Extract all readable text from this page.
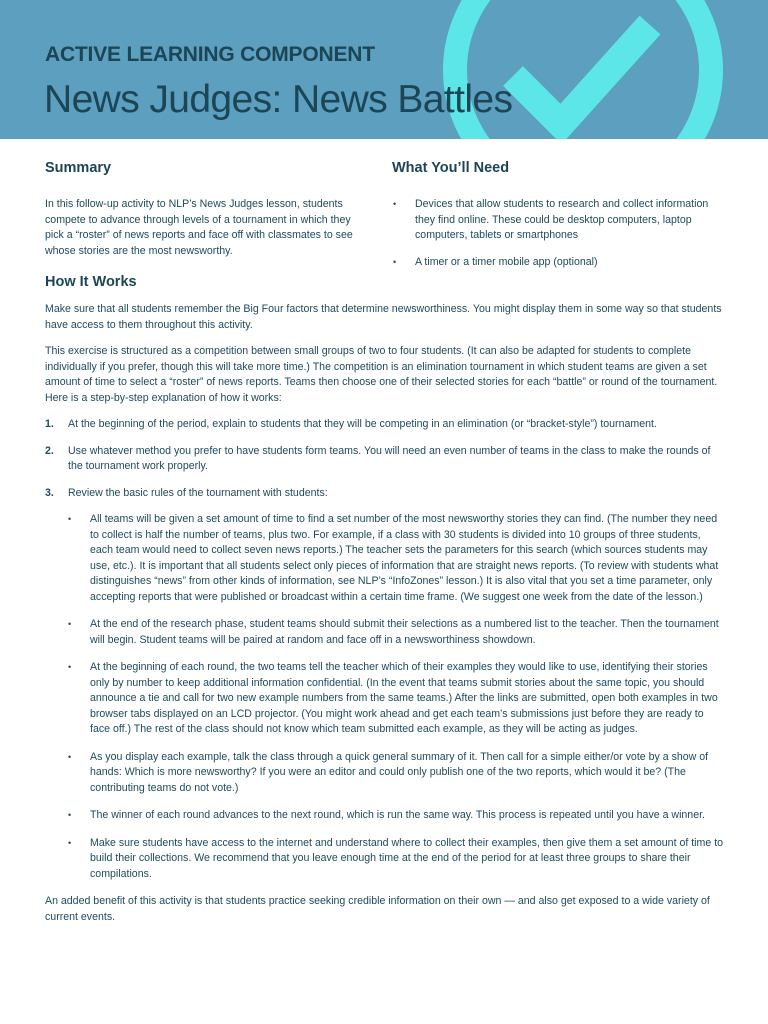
ACTIVE LEARNING COMPONENT
News Judges: News Battles
Summary

In this follow-up activity to NLP’s News Judges lesson, students compete to advance through levels of a tournament in which they pick a “roster” of news reports and face off with classmates to see whose stories are the most newsworthy.

What You’ll Need
• Devices that allow students to research and collect information they find online. These could be desktop computers, laptop computers, tablets or smartphones
• A timer or a timer mobile app (optional)
How It Works

Make sure that all students remember the Big Four factors that determine newsworthiness. You might display them in some way so that students have access to them throughout this activity.

This exercise is structured as a competition between small groups of two to four students. (It can also be adapted for students to complete individually if you prefer, though this will take more time.) The competition is an elimination tournament in which student teams are given a set amount of time to select a “roster” of news reports. Teams then choose one of their selected stories for each “battle” or round of the tournament. Here is a step-by-step explanation of how it works:

1. At the beginning of the period, explain to students that they will be competing in an elimination (or “bracket-style”) tournament.
2. Use whatever method you prefer to have students form teams. You will need an even number of teams in the class to make the rounds of the tournament work properly.
3. Review the basic rules of the tournament with students:
• All teams will be given a set amount of time to find a set number of the most newsworthy stories they can find. (The number they need to collect is half the number of teams, plus two. For example, if a class with 30 students is divided into 10 groups of three students, each team would need to collect seven news reports.) The teacher sets the parameters for this search (which sources students may use, etc.). It is important that all students select only pieces of information that are straight news reports. (To review with students what distinguishes “news” from other kinds of information, see NLP’s “InfoZones” lesson.) It is also vital that you set a time parameter, only accepting reports that were published or broadcast within a certain time frame. (We suggest one week from the date of the lesson.)
• At the end of the research phase, student teams should submit their selections as a numbered list to the teacher. Then the tournament will begin. Student teams will be paired at random and face off in a newsworthiness showdown.
• At the beginning of each round, the two teams tell the teacher which of their examples they would like to use, identifying their stories only by number to keep additional information confidential. (In the event that teams submit stories about the same topic, you should announce a tie and call for two new example numbers from the same teams.) After the links are submitted, open both examples in two browser tabs displayed on an LCD projector. (You might work ahead and get each team’s submissions just before they are ready to face off.) The rest of the class should not know which team submitted each example, as they will be acting as judges.
• As you display each example, talk the class through a quick general summary of it. Then call for a simple either/or vote by a show of hands: Which is more newsworthy? If you were an editor and could only publish one of the two reports, which would it be? (The contributing teams do not vote.)
• The winner of each round advances to the next round, which is run the same way. This process is repeated until you have a winner.
• Make sure students have access to the internet and understand where to collect their examples, then give them a set amount of time to build their collections. We recommend that you leave enough time at the end of the period for at least three groups to share their compilations.

An added benefit of this activity is that students practice seeking credible information on their own — and also get exposed to a wide variety of current events.
